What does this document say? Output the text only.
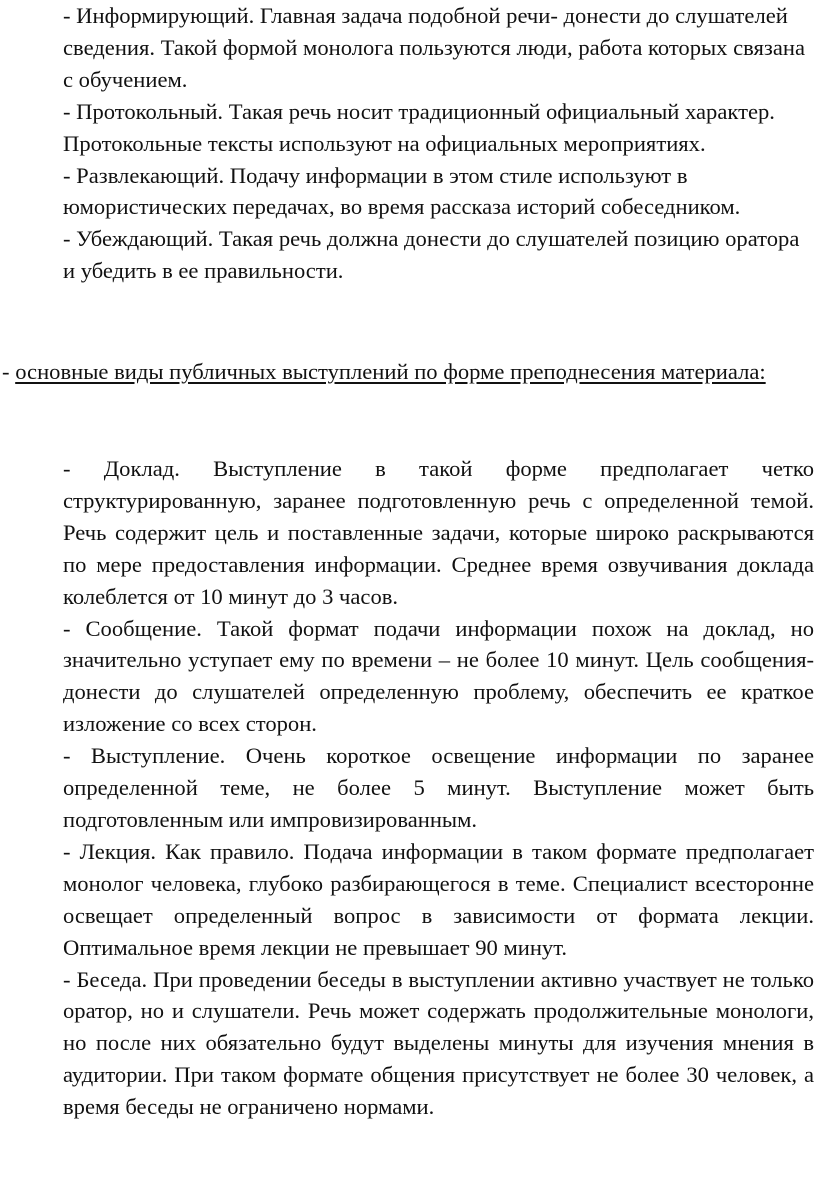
- Информирующий. Главная задача подобной речи- донести до слушателей сведения. Такой формой монолога пользуются люди, работа которых связана с обучением.

- Протокольный. Такая речь носит традиционный официальный характер. Протокольные тексты используют на официальных мероприятиях.

- Развлекающий. Подачу информации в этом стиле используют в юмористических передачах, во время рассказа историй собеседником.

- Убеждающий. Такая речь должна донести до слушателей позицию оратора и убедить в ее правильности.

- основные виды публичных выступлений по форме преподнесения материала:

- Доклад. Выступление в такой форме предполагает четко структурированную, заранее подготовленную речь с определенной темой. Речь содержит цель и поставленные задачи, которые широко раскрываются по мере предоставления информации. Среднее время озвучивания доклада колеблется от 10 минут до 3 часов.

- Сообщение. Такой формат подачи информации похож на доклад, но значительно уступает ему по времени – не более 10 минут. Цель сообщения- донести до слушателей определенную проблему, обеспечить ее краткое изложение со всех сторон.

- Выступление. Очень короткое освещение информации по заранее определенной теме, не более 5 минут. Выступление может быть подготовленным или импровизированным.

- Лекция. Как правило. Подача информации в таком формате предполагает монолог человека, глубоко разбирающегося в теме. Специалист всесторонне освещает определенный вопрос в зависимости от формата лекции. Оптимальное время лекции не превышает 90 минут.

- Беседа. При проведении беседы в выступлении активно участвует не только оратор, но и слушатели. Речь может содержать продолжительные монологи, но после них обязательно будут выделены минуты для изучения мнения в аудитории. При таком формате общения присутствует не более 30 человек, а время беседы не ограничено нормами.
